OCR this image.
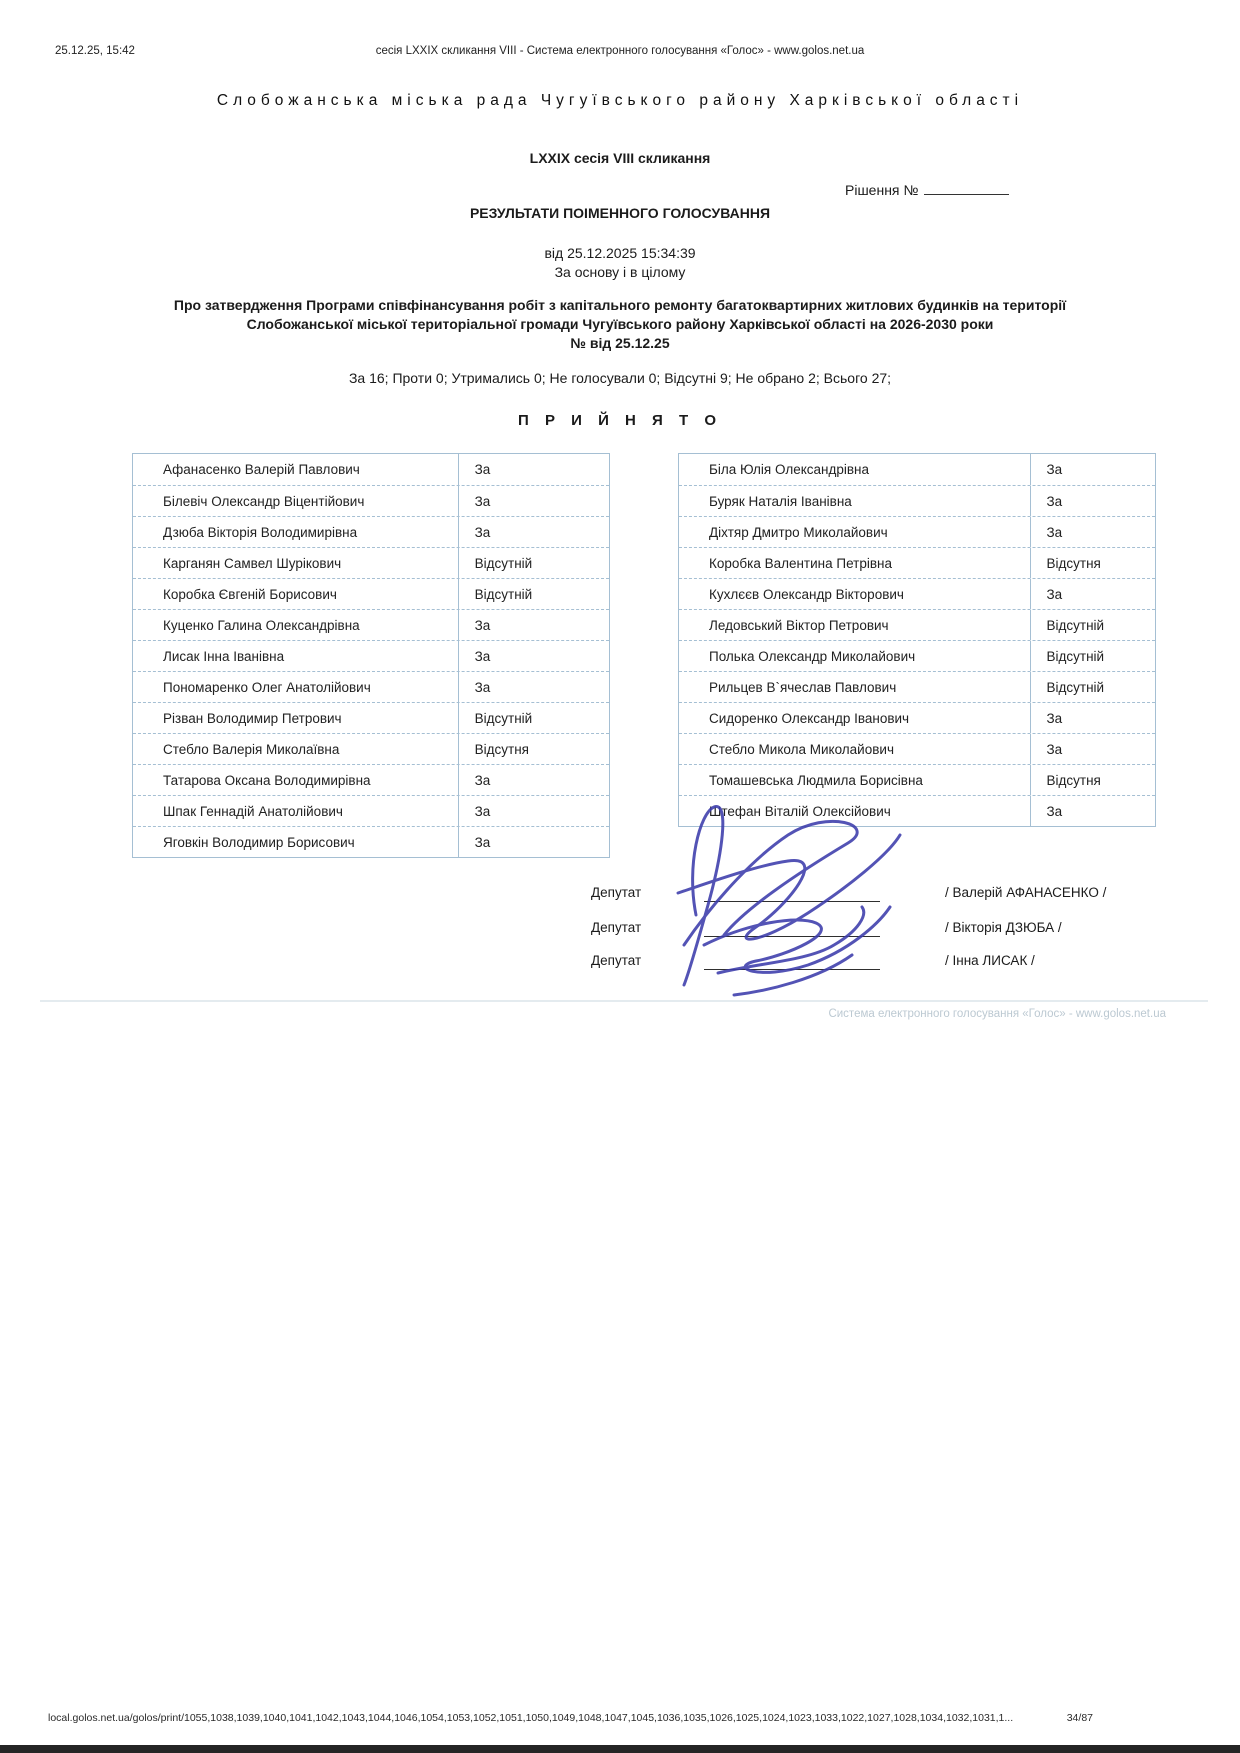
25.12.25, 15:42	сесія LXXIX скликання VIII - Система електронного голосування «Голос» - www.golos.net.ua
Слобожанська міська рада Чугуївського району Харківської області
LXXIX сесія VIII скликання
Рішення №
РЕЗУЛЬТАТИ ПОІМЕННОГО ГОЛОСУВАННЯ
від 25.12.2025 15:34:39
За основу і в цілому
Про затвердження Програми співфінансування робіт з капітального ремонту багатоквартирних житлових будинків на території Слобожанської міської територіальної громади Чугуївського району Харківської області на 2026-2030 роки
№ від 25.12.25
За 16; Проти 0; Утримались 0; Не голосували 0; Відсутні 9; Не обрано 2; Всього 27;
П Р И Й Н Я Т О
Афанасенко Валерій Павлович	За
Білевіч Олександр Віцентійович	За
Дзюба Вікторія Володимирівна	За
Карганян Самвел Шурікович	Відсутній
Коробка Євгеній Борисович	Відсутній
Куценко Галина Олександрівна	За
Лисак Інна Іванівна	За
Пономаренко Олег Анатолійович	За
Різван Володимир Петрович	Відсутній
Стебло Валерія Миколаївна	Відсутня
Татарова Оксана Володимирівна	За
Шпак Геннадій Анатолійович	За
Яговкін Володимир Борисович	За
Біла Юлія Олександрівна	За
Буряк Наталія Іванівна	За
Діхтяр Дмитро Миколайович	За
Коробка Валентина Петрівна	Відсутня
Кухлєєв Олександр Вікторович	За
Ледовський Віктор Петрович	Відсутній
Полька Олександр Миколайович	Відсутній
Рильцев В`ячеслав Павлович	Відсутній
Сидоренко Олександр Іванович	За
Стебло Микола Миколайович	За
Томашевська Людмила Борисівна	Відсутня
Штефан Віталій Олексійович	За
Депутат	/ Валерій АФАНАСЕНКО /
Депутат	/ Вікторія ДЗЮБА /
Депутат	/ Інна ЛИСАК /
Система електронного голосування «Голос» - www.golos.net.ua
local.golos.net.ua/golos/print/1055,1038,1039,1040,1041,1042,1043,1044,1046,1054,1053,1052,1051,1050,1049,1048,1047,1045,1036,1035,1026,1025,1024,1023,1033,1022,1027,1028,1034,1032,1031,1...	34/87
